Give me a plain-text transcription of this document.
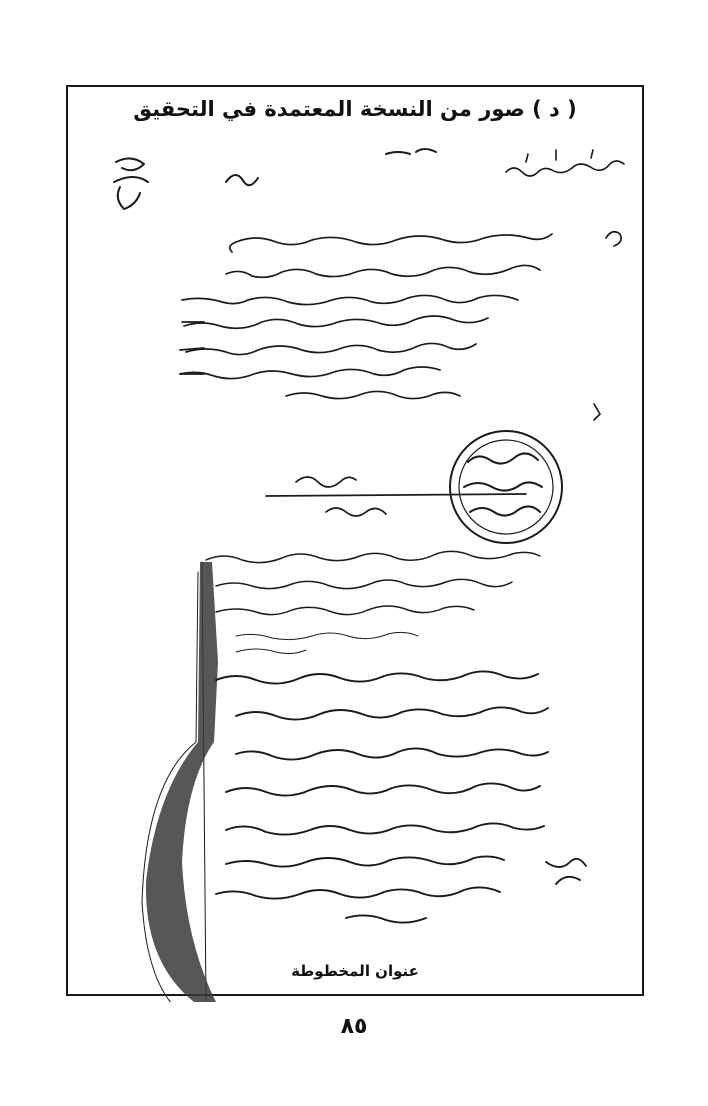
( د ) صور من النسخة المعتمدة في التحقيق
عنوان المخطوطة
٨٥
